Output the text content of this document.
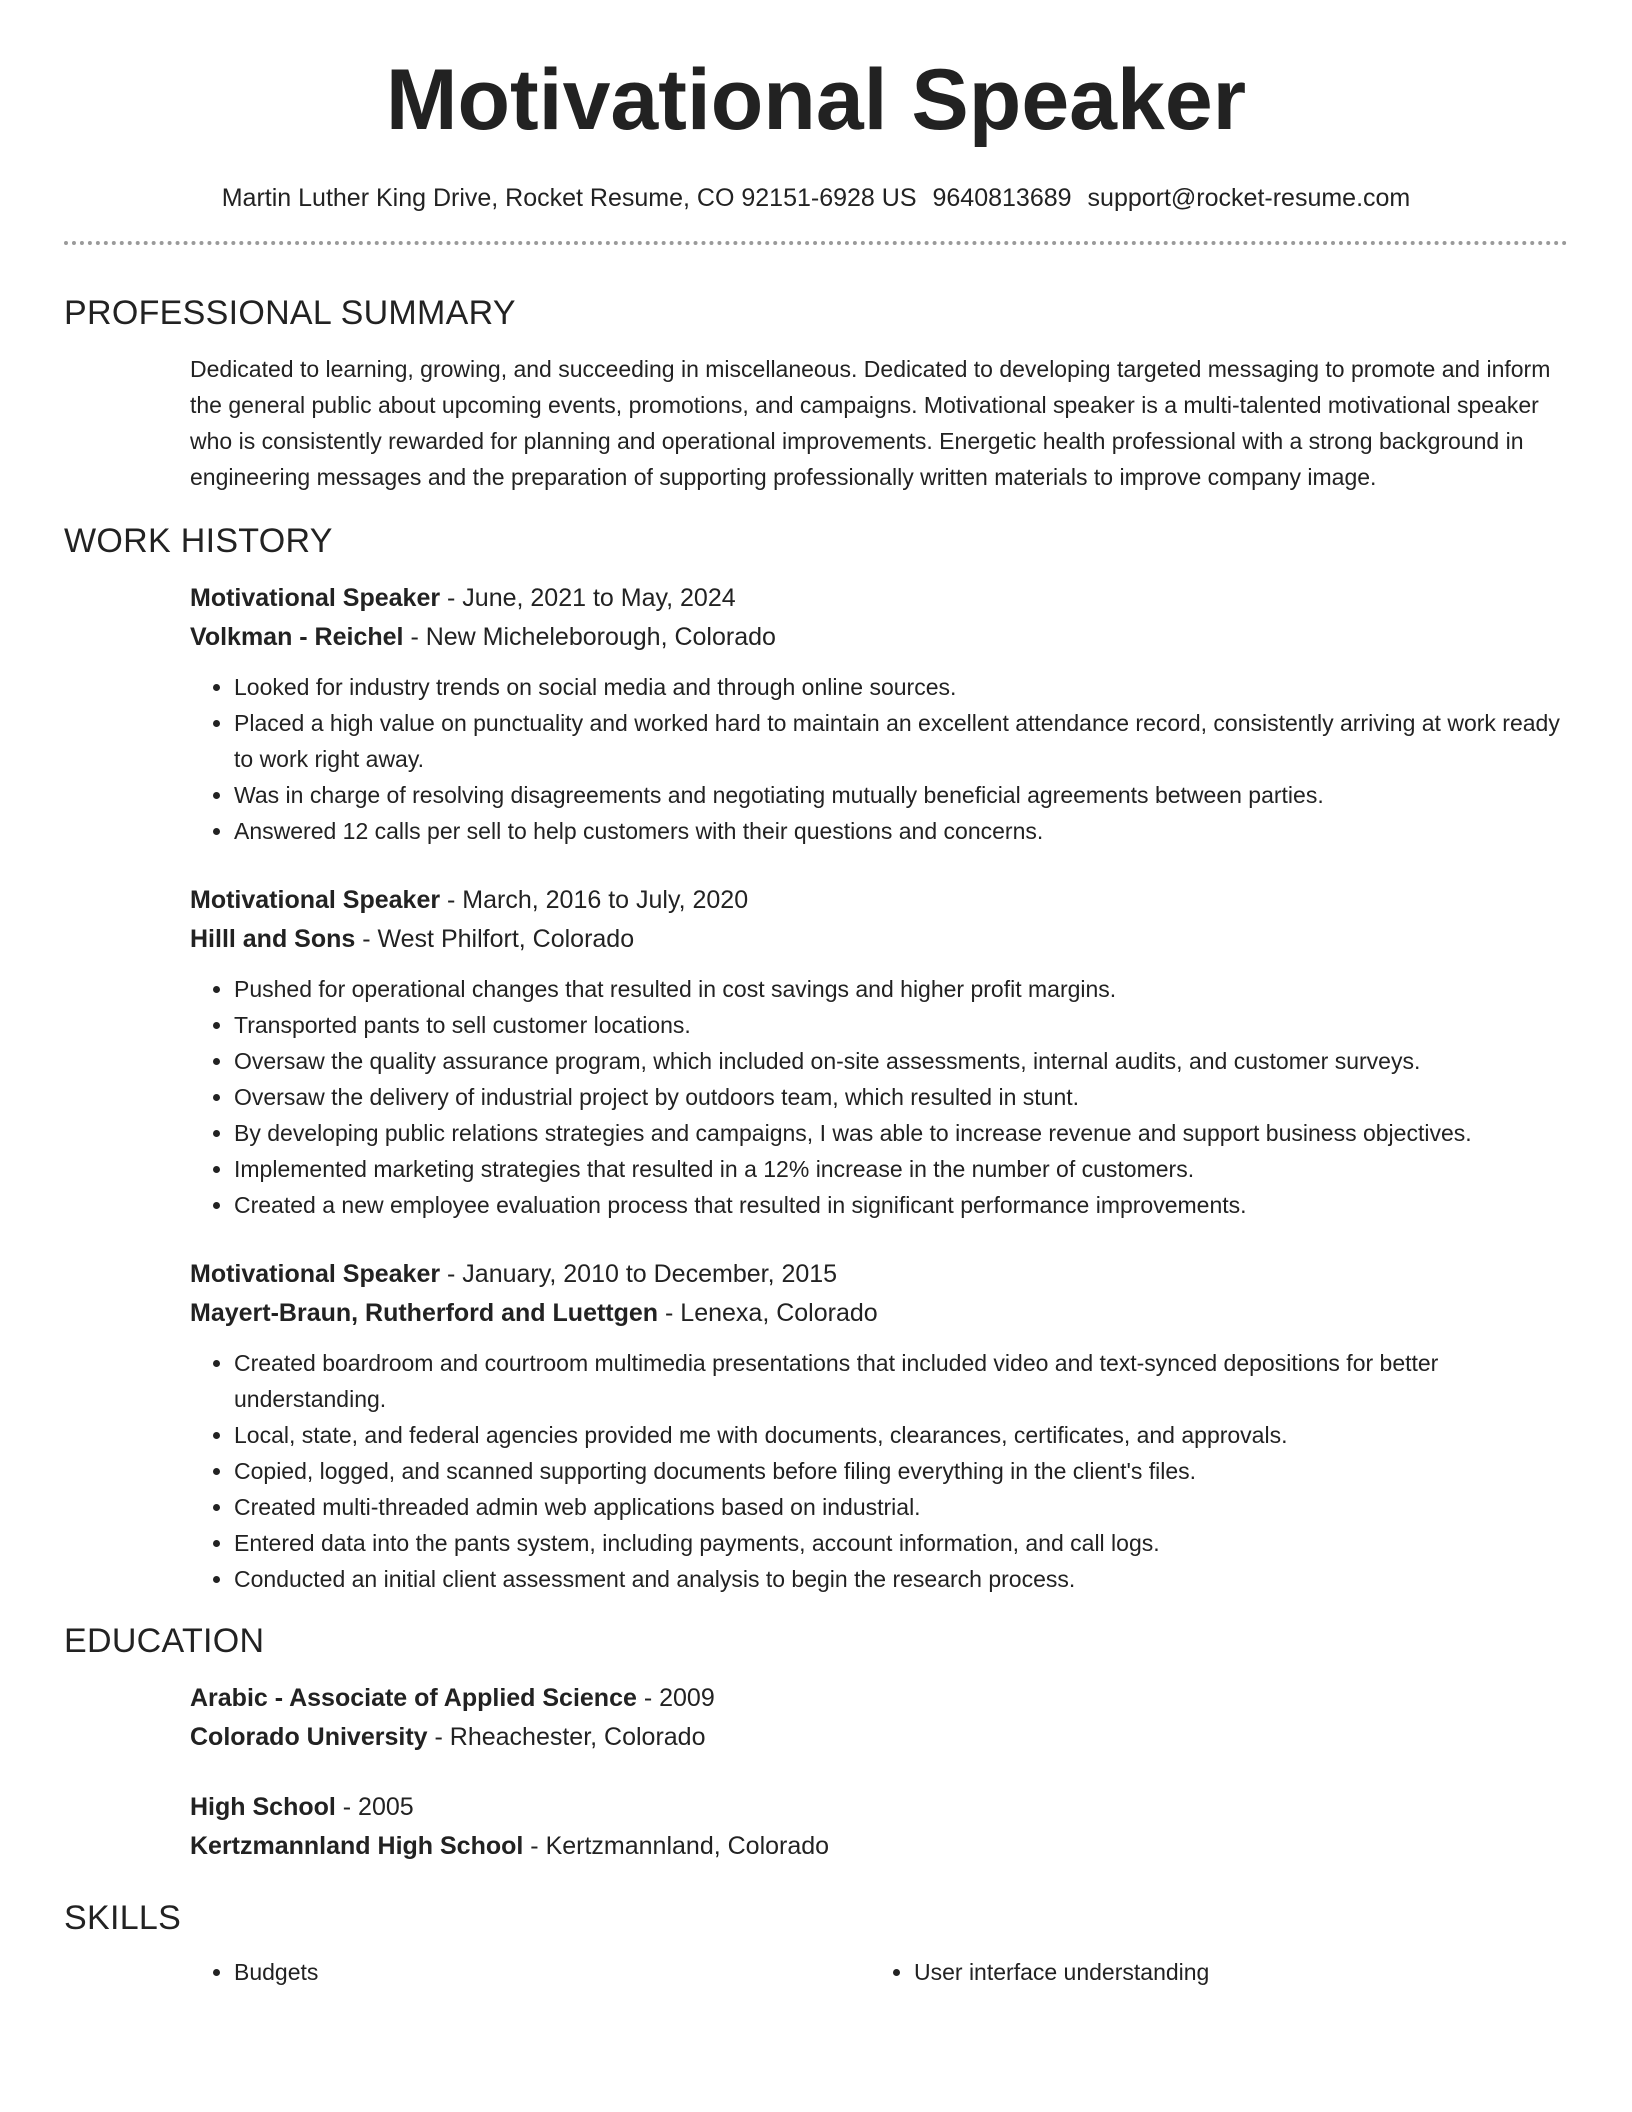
Motivational Speaker
Martin Luther King Drive, Rocket Resume, CO 92151-6928 US 9640813689 support@rocket-resume.com
PROFESSIONAL SUMMARY

Dedicated to learning, growing, and succeeding in miscellaneous. Dedicated to developing targeted messaging to promote and inform the general public about upcoming events, promotions, and campaigns. Motivational speaker is a multi-talented motivational speaker who is consistently rewarded for planning and operational improvements. Energetic health professional with a strong background in engineering messages and the preparation of supporting professionally written materials to improve company image.

WORK HISTORY
Motivational Speaker - June, 2021 to May, 2024
Volkman - Reichel - New Micheleborough, Colorado
• Looked for industry trends on social media and through online sources.
• Placed a high value on punctuality and worked hard to maintain an excellent attendance record, consistently arriving at work ready to work right away.
• Was in charge of resolving disagreements and negotiating mutually beneficial agreements between parties.
• Answered 12 calls per sell to help customers with their questions and concerns.
Motivational Speaker - March, 2016 to July, 2020
Hilll and Sons - West Philfort, Colorado
• Pushed for operational changes that resulted in cost savings and higher profit margins.
• Transported pants to sell customer locations.
• Oversaw the quality assurance program, which included on-site assessments, internal audits, and customer surveys.
• Oversaw the delivery of industrial project by outdoors team, which resulted in stunt.
• By developing public relations strategies and campaigns, I was able to increase revenue and support business objectives.
• Implemented marketing strategies that resulted in a 12% increase in the number of customers.
• Created a new employee evaluation process that resulted in significant performance improvements.
Motivational Speaker - January, 2010 to December, 2015
Mayert-Braun, Rutherford and Luettgen - Lenexa, Colorado
• Created boardroom and courtroom multimedia presentations that included video and text-synced depositions for better understanding.
• Local, state, and federal agencies provided me with documents, clearances, certificates, and approvals.
• Copied, logged, and scanned supporting documents before filing everything in the client's files.
• Created multi-threaded admin web applications based on industrial.
• Entered data into the pants system, including payments, account information, and call logs.
• Conducted an initial client assessment and analysis to begin the research process.
EDUCATION
Arabic - Associate of Applied Science - 2009
Colorado University - Rheachester, Colorado
High School - 2005
Kertzmannland High School - Kertzmannland, Colorado
SKILLS
• Budgets
•	User interface understanding
